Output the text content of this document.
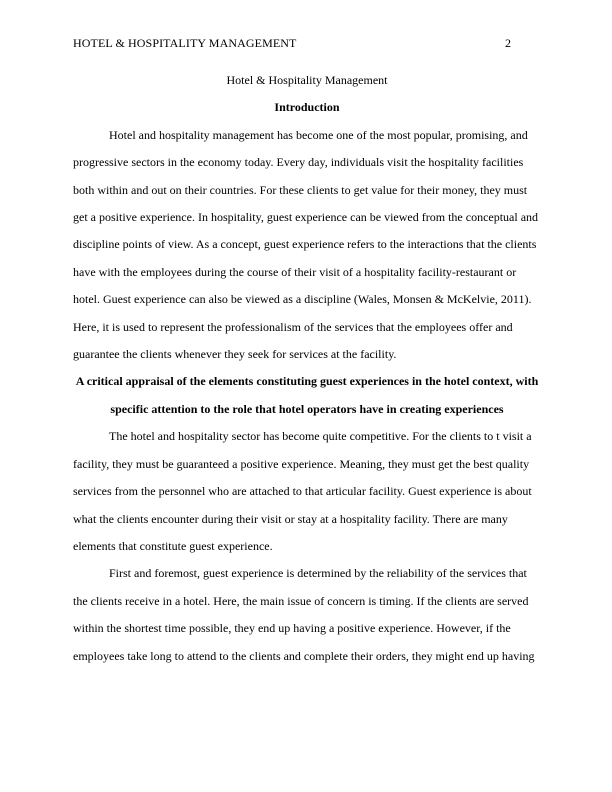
HOTEL & HOSPITALITY MANAGEMENT	2

Hotel & Hospitality Management

Introduction

Hotel and hospitality management has become one of the most popular, promising, and progressive sectors in the economy today. Every day, individuals visit the hospitality facilities both within and out on their countries. For these clients to get value for their money, they must get a positive experience. In hospitality, guest experience can be viewed from the conceptual and discipline points of view. As a concept, guest experience refers to the interactions that the clients have with the employees during the course of their visit of a hospitality facility-restaurant or hotel. Guest experience can also be viewed as a discipline (Wales, Monsen & McKelvie, 2011). Here, it is used to represent the professionalism of the services that the employees offer and guarantee the clients whenever they seek for services at the facility.

A critical appraisal of the elements constituting guest experiences in the hotel context, with specific attention to the role that hotel operators have in creating experiences

The hotel and hospitality sector has become quite competitive. For the clients to t visit a facility, they must be guaranteed a positive experience. Meaning, they must get the best quality services from the personnel who are attached to that articular facility. Guest experience is about what the clients encounter during their visit or stay at a hospitality facility. There are many elements that constitute guest experience.

First and foremost, guest experience is determined by the reliability of the services that the clients receive in a hotel. Here, the main issue of concern is timing. If the clients are served within the shortest time possible, they end up having a positive experience. However, if the employees take long to attend to the clients and complete their orders, they might end up having
